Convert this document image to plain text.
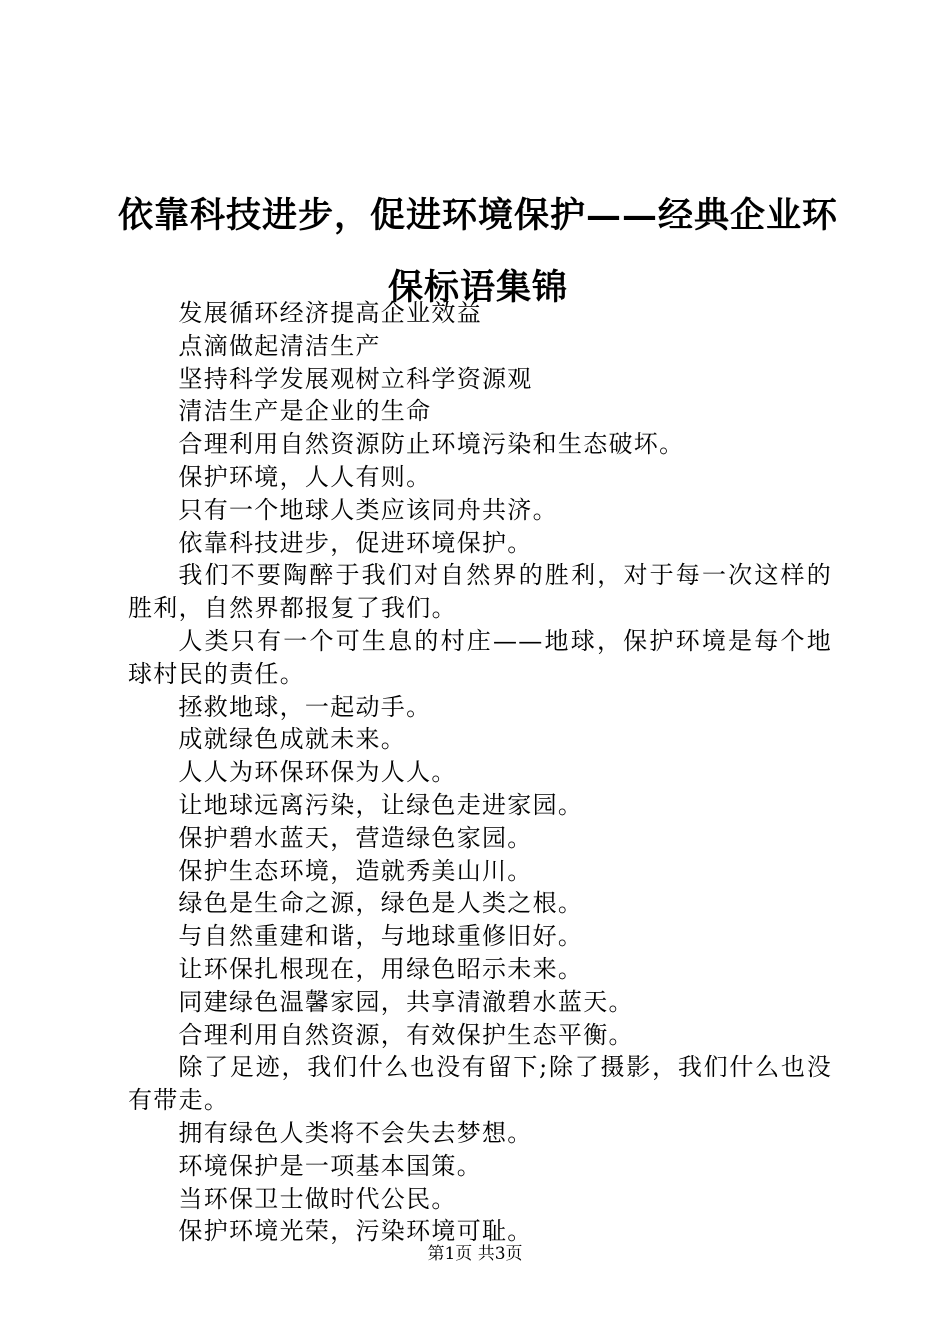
依靠科技进步，促进环境保护——经典企业环保标语集锦

发展循环经济提高企业效益

点滴做起清洁生产

坚持科学发展观树立科学资源观

清洁生产是企业的生命

合理利用自然资源防止环境污染和生态破坏。

保护环境，人人有则。

只有一个地球人类应该同舟共济。

依靠科技进步，促进环境保护。

我们不要陶醉于我们对自然界的胜利，对于每一次这样的胜利，自然界都报复了我们。

人类只有一个可生息的村庄——地球，保护环境是每个地球村民的责任。

拯救地球，一起动手。

成就绿色成就未来。

人人为环保环保为人人。

让地球远离污染，让绿色走进家园。

保护碧水蓝天，营造绿色家园。

保护生态环境，造就秀美山川。

绿色是生命之源，绿色是人类之根。

与自然重建和谐，与地球重修旧好。

让环保扎根现在，用绿色昭示未来。

同建绿色温馨家园，共享清澈碧水蓝天。

合理利用自然资源，有效保护生态平衡。

除了足迹，我们什么也没有留下;除了摄影，我们什么也没有带走。

拥有绿色人类将不会失去梦想。

环境保护是一项基本国策。

当环保卫士做时代公民。

保护环境光荣，污染环境可耻。

第1页 共3页
